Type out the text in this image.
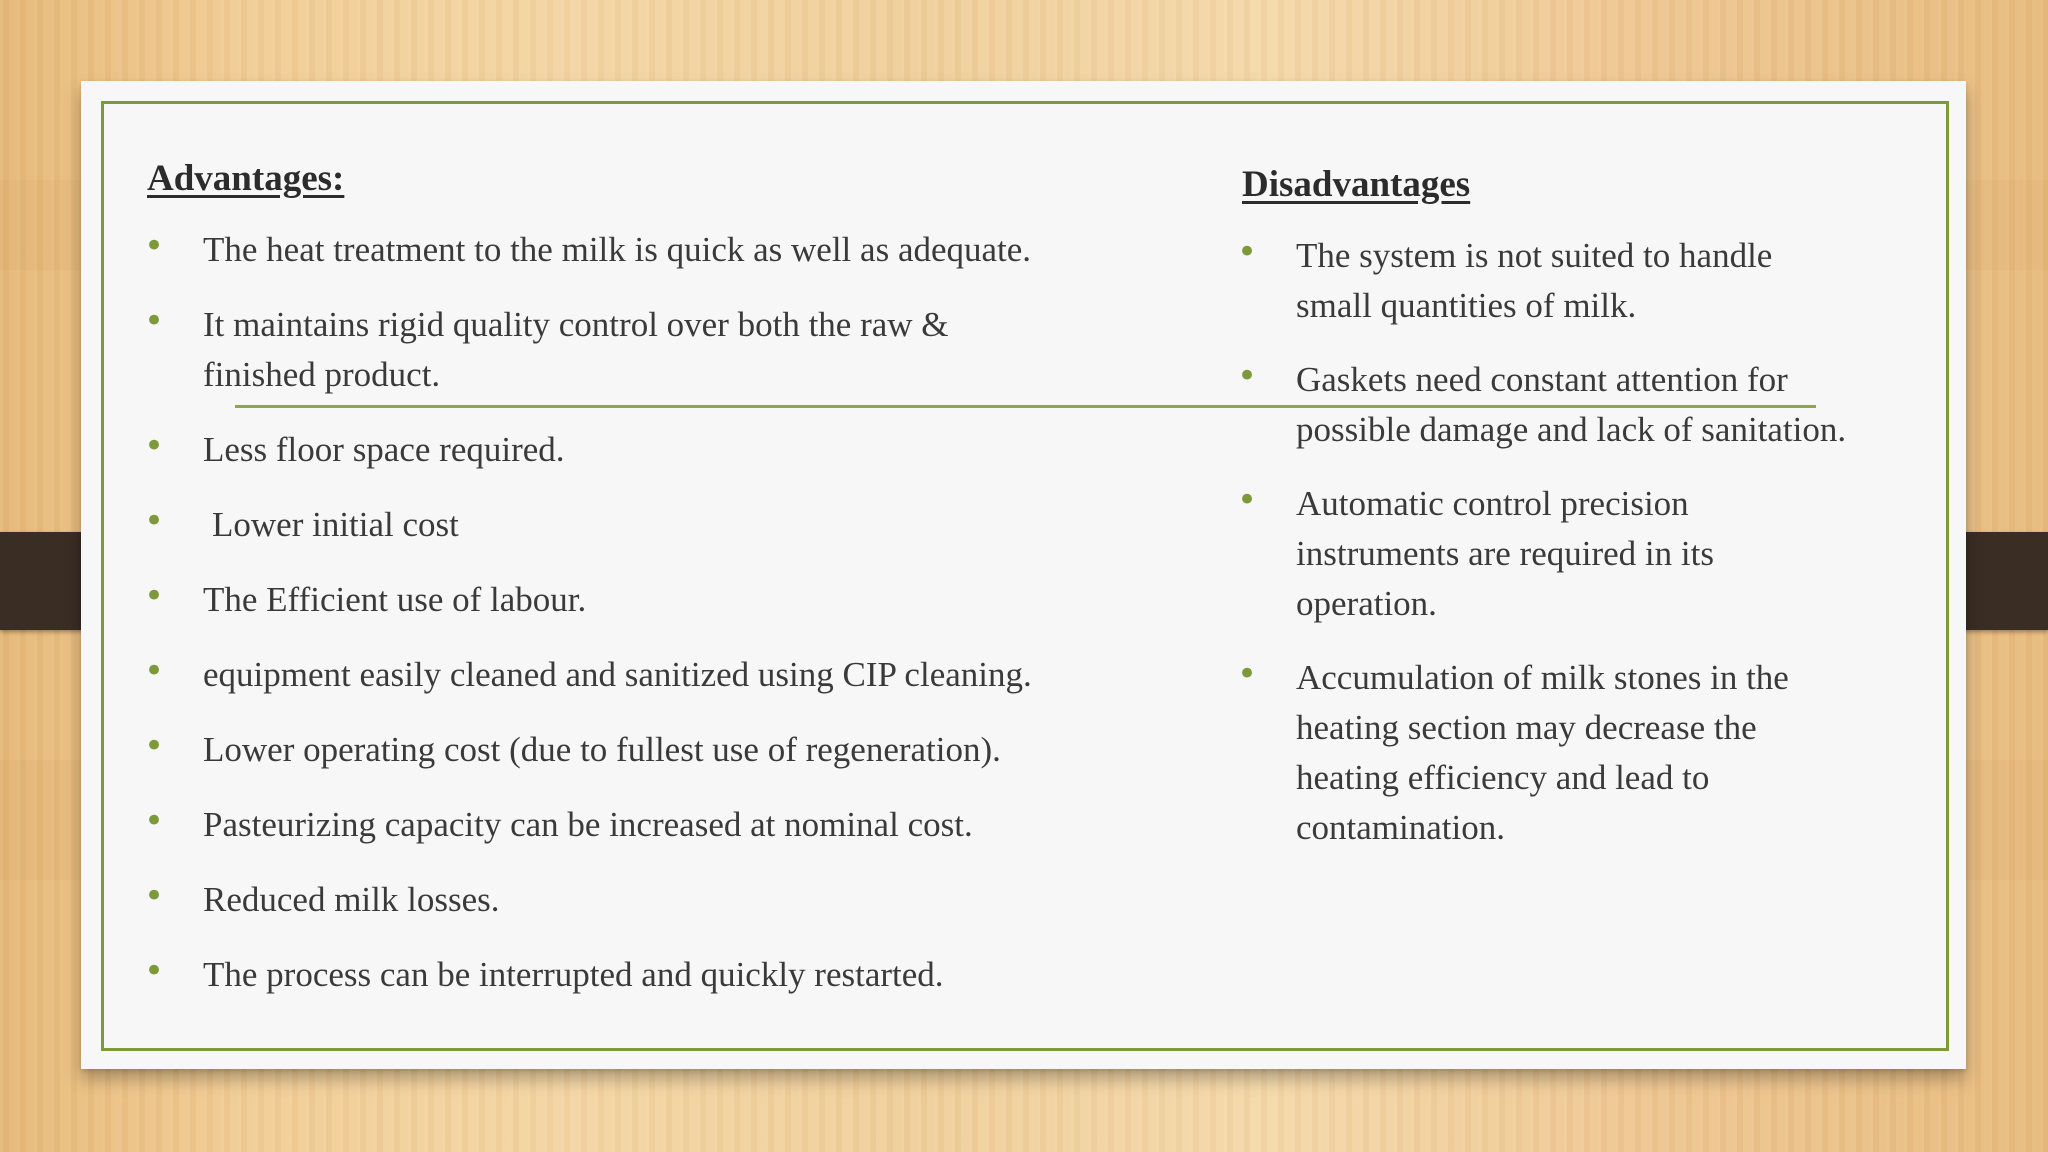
Advantages:
• The heat treatment to the milk is quick as well as adequate.
• It maintains rigid quality control over both the raw & finished product.
• Less floor space required.
• Lower initial cost
• The Efficient use of labour.
• equipment easily cleaned and sanitized using CIP cleaning.
• Lower operating cost (due to fullest use of regeneration).
• Pasteurizing capacity can be increased at nominal cost.
• Reduced milk losses.
• The process can be interrupted and quickly restarted.
Disadvantages
• The system is not suited to handle small quantities of milk.
• Gaskets need constant attention for possible damage and lack of sanitation.
• Automatic control precision instruments are required in its operation.
• Accumulation of milk stones in the heating section may decrease the heating efficiency and lead to contamination.
